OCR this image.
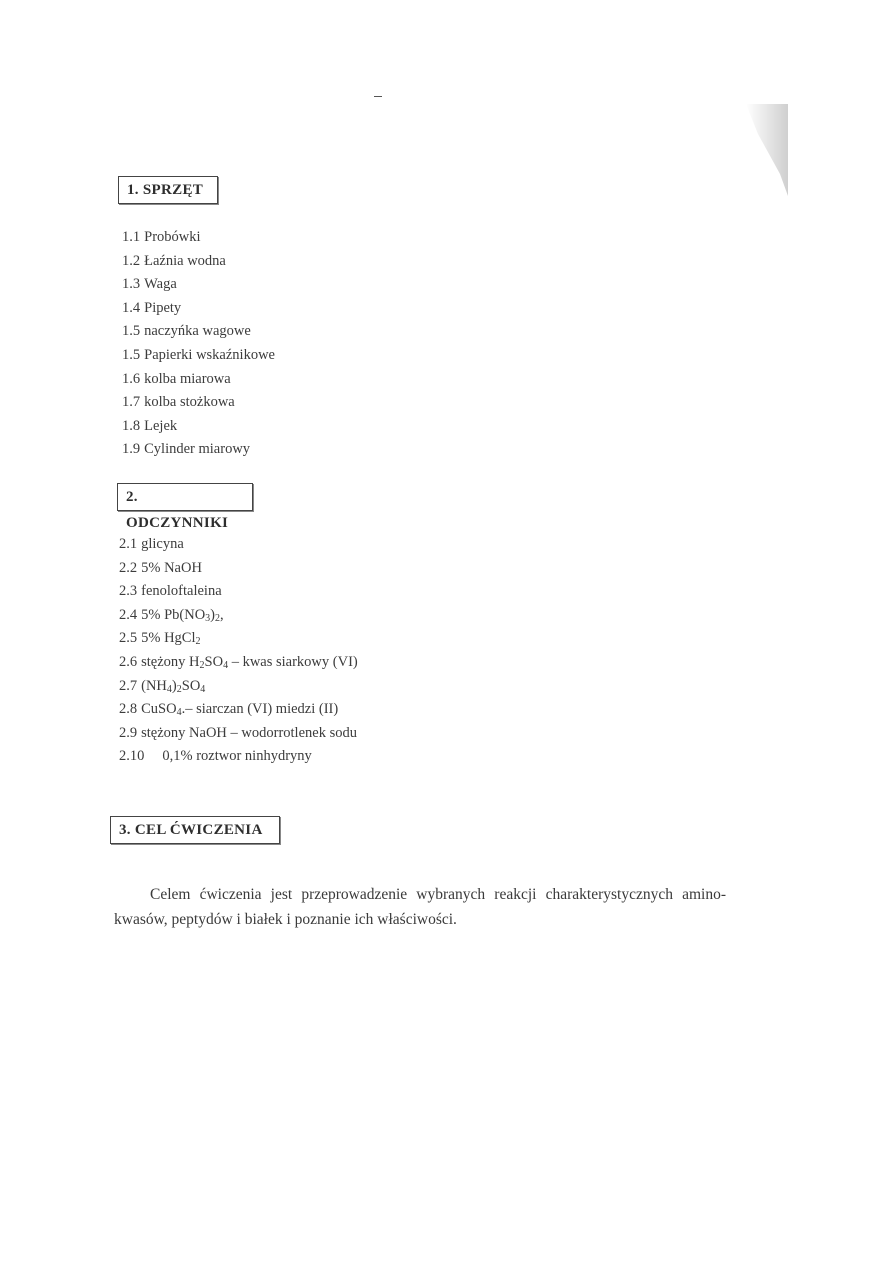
1. SPRZĘT
1.1 Probówki
1.2 Łaźnia wodna
1.3 Waga
1.4 Pipety
1.5 naczyńka wagowe
1.5 Papierki wskaźnikowe
1.6 kolba miarowa
1.7 kolba stożkowa
1.8 Lejek
1.9 Cylinder miarowy
2. ODCZYNNIKI
2.1 glicyna
2.2 5% NaOH
2.3 fenoloftaleina
2.4 5% $Pb(NO_3)_2$,
2.5 5% HgCl$_2$
2.6 stężony $H_2SO_4$ – kwas siarkowy (VI)
2.7 $(NH_4)_2SO_4$
2.8 CuSO$_4$.– siarczan (VI) miedzi (II)
2.9 stężony NaOH – wodorrotlenek sodu
2.10 0,1% roztwor ninhydryny
3. CEL ĆWICZENIA

Celem ćwiczenia jest przeprowadzenie wybranych reakcji charakterystycznych amino-kwasów, peptydów i białek i poznanie ich właściwości.
